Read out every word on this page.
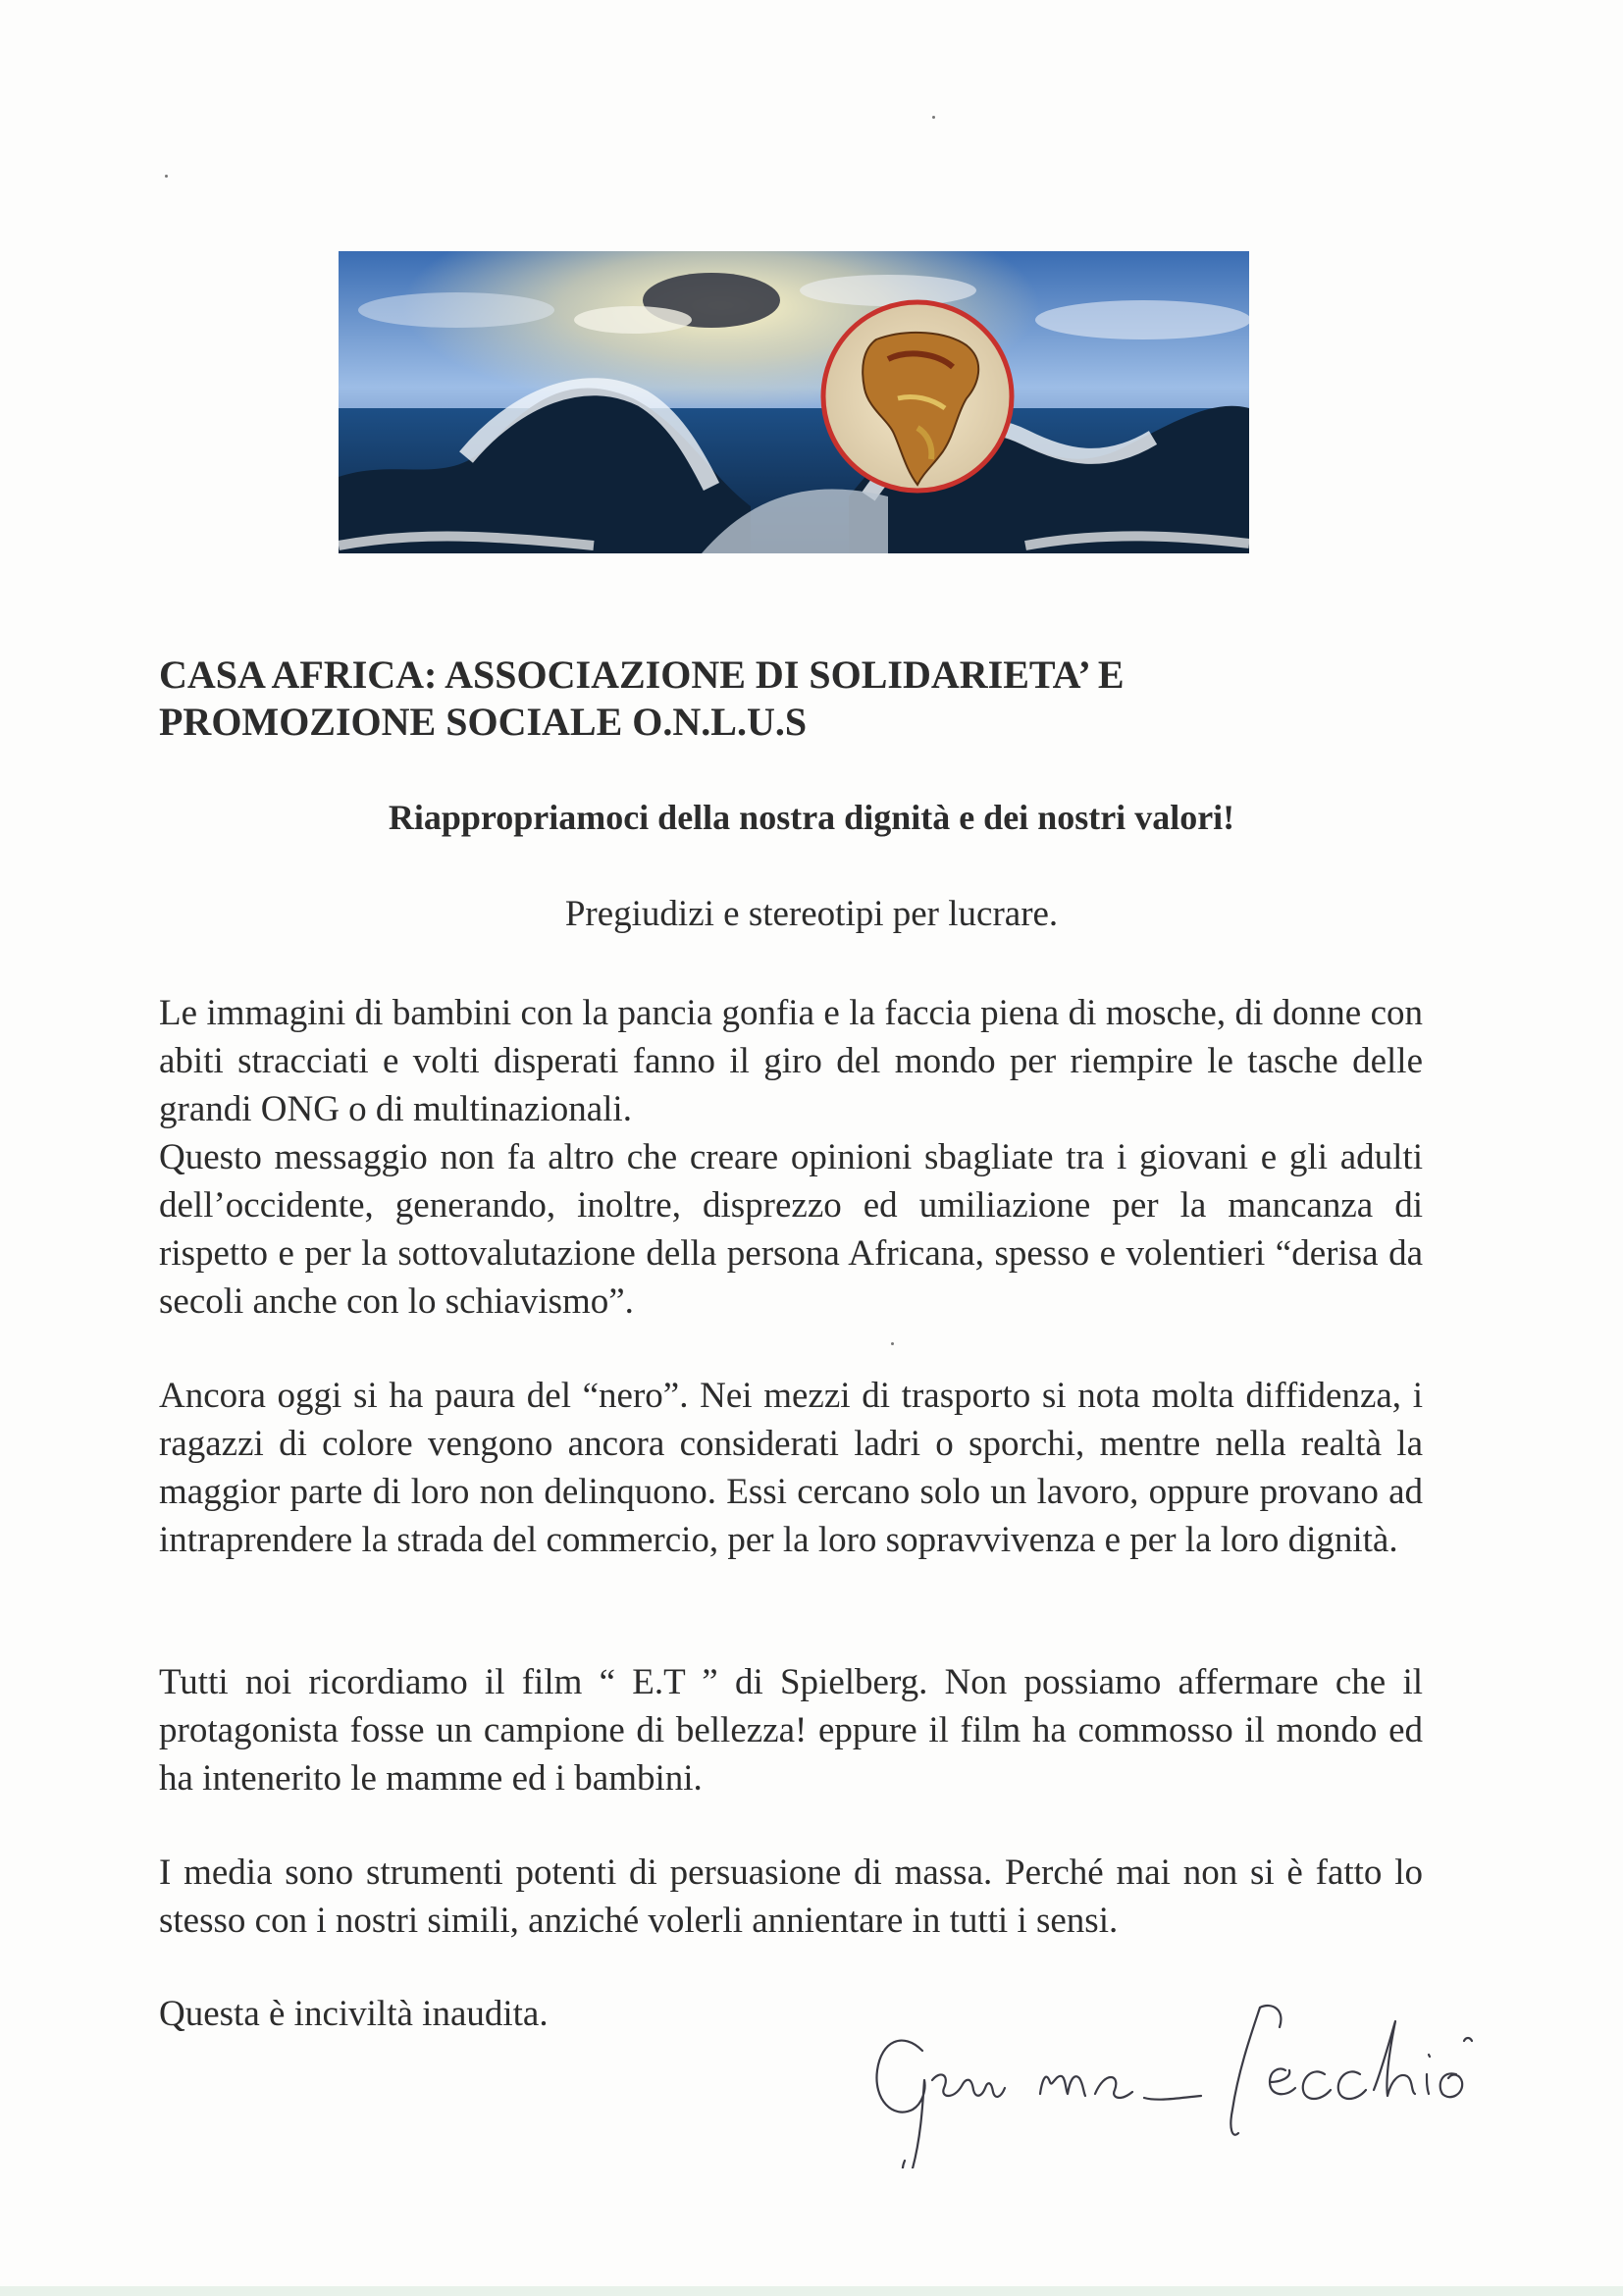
CASA AFRICA: ASSOCIAZIONE DI SOLIDARIETA’ E
PROMOZIONE SOCIALE O.N.L.U.S

Riappropriamoci della nostra dignità e dei nostri valori!

Pregiudizi e stereotipi per lucrare.

Le immagini di bambini con la pancia gonfia e la faccia piena di mosche, di donne con abiti stracciati e volti disperati fanno il giro del mondo per riempire le tasche delle grandi ONG o di multinazionali.
Questo messaggio non fa altro che creare opinioni sbagliate tra i giovani e gli adulti dell’occidente, generando, inoltre, disprezzo ed umiliazione per la mancanza di rispetto e per la sottovalutazione della persona Africana, spesso e volentieri “derisa da secoli anche con lo schiavismo”.

Ancora oggi si ha paura del “nero”. Nei mezzi di trasporto si nota molta diffidenza, i ragazzi di colore vengono ancora considerati ladri o sporchi, mentre nella realtà la maggior parte di loro non delinquono. Essi cercano solo un lavoro, oppure provano ad intraprendere la strada del commercio, per la loro sopravvivenza e per la loro dignità.

Tutti noi ricordiamo il film “ E.T ” di Spielberg. Non possiamo affermare che il protagonista fosse un campione di bellezza! eppure il film ha commosso il mondo ed ha intenerito le mamme ed i bambini.

I media sono strumenti potenti di persuasione di massa. Perché mai non si è fatto lo stesso con i nostri simili, anziché volerli annientare in tutti i sensi.

Questa è inciviltà inaudita.
